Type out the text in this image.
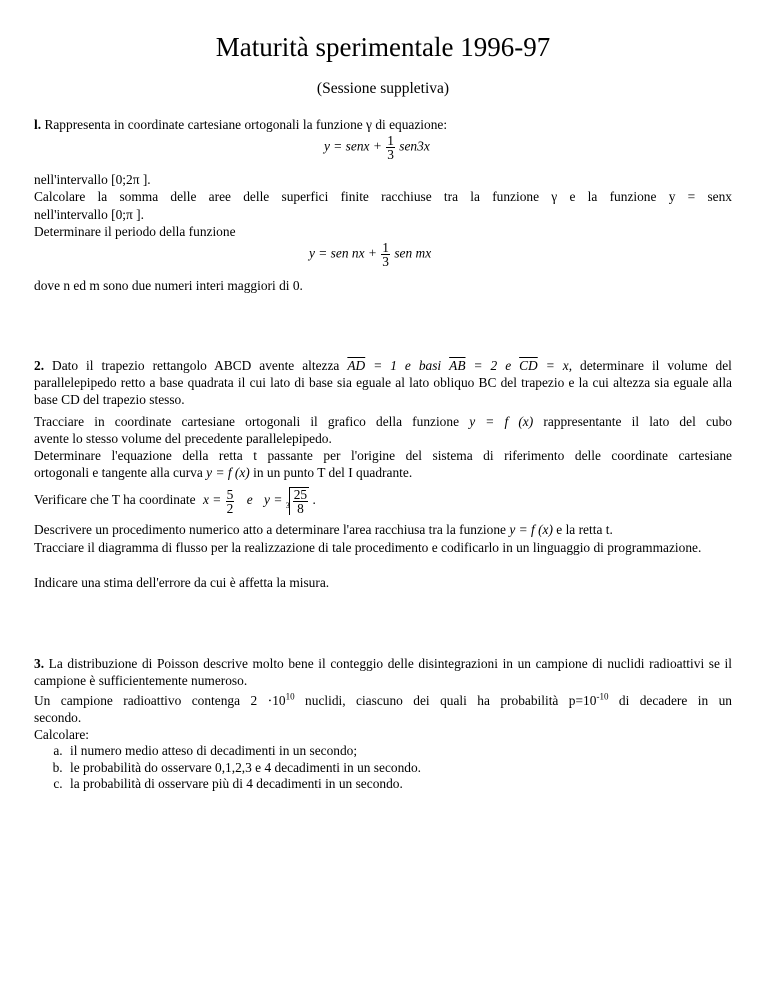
Maturità sperimentale 1996-97
(Sessione suppletiva)
l. Rappresenta in coordinate cartesiane ortogonali la funzione γ di equazione:
y = senx + $\frac{1}{3} sen3x$
nell'intervallo [0;2π ].
Calcolare la somma delle aree delle superfici finite racchiuse tra la funzione γ e la funzione y = senx
nell'intervallo [0;π ].
Determinare il periodo della funzione
y = sen nx + $\frac{1}{3}$ sen mx
dove n ed m sono due numeri interi maggiori di 0.
2. Dato il trapezio rettangolo ABCD avente altezza $\overline{AD} = 1$ e basi $\overline{AB} = 2$ e $\overline{CD} = x$, determinare il volume del
parallelepipedo retto a base quadrata il cui lato di base sia eguale al lato obliquo BC del trapezio e la cui altezza sia eguale alla base CD del trapezio stesso.
Tracciare in coordinate cartesiane ortogonali il grafico della funzione y = f (x) rappresentante il lato del cubo
avente lo stesso volume del precedente parallelepipedo.
Determinare l'equazione della retta t passante per l'origine del sistema di riferimento delle coordinate cartesiane
ortogonali e tangente alla curva y = f (x) in un punto T del I quadrante.
Verificare che T ha coordinate $x = \frac{5}{2}$ e $y = _3 \frac{25}{8}$ .
Descrivere un procedimento numerico atto a determinare l'area racchiusa tra la funzione y = f (x) e la retta t.
Tracciare il diagramma di flusso per la realizzazione di tale procedimento e codificarlo in un linguaggio di programmazione.
Indicare una stima dell'errore da cui è affetta la misura.
3. La distribuzione di Poisson descrive molto bene il conteggio delle disintegrazioni in un campione di nuclidi radioattivi se il campione è sufficientemente numeroso.
Un campione radioattivo contenga $2 \cdot 10^{10}$ nuclidi, ciascuno dei quali ha probabilità $p=10^{-10}$ di decadere in un
secondo.
Calcolare:
a. il numero medio atteso di decadimenti in un secondo;
b. le probabilità do osservare 0,1,2,3 e 4 decadimenti in un secondo.
c. la probabilità di osservare più di 4 decadimenti in un secondo.
